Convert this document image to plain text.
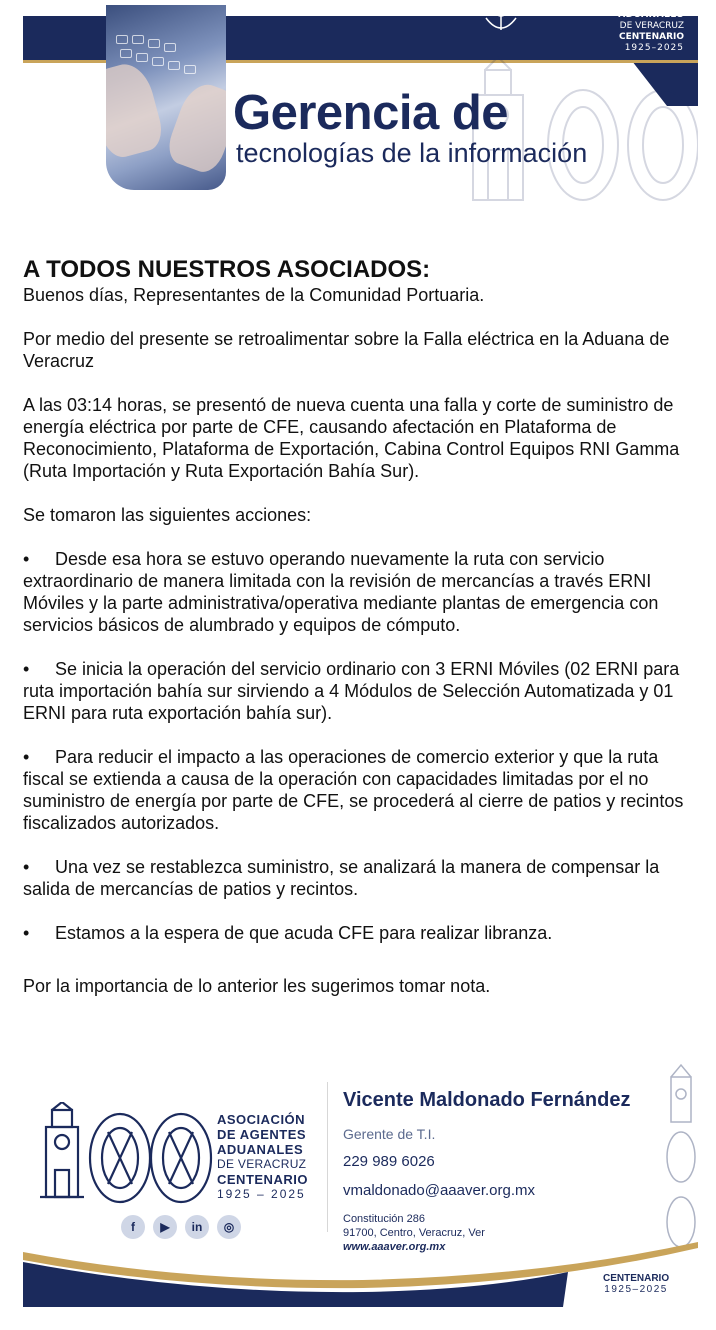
ADUANALES
DE VERACRUZ
CENTENARIO
1925–2025
Gerencia de
tecnologías de la información

A TODOS NUESTROS ASOCIADOS:

Buenos días, Representantes de la Comunidad Portuaria.

Por medio del presente se retroalimentar sobre la Falla eléctrica en la Aduana de Veracruz

A las 03:14 horas, se presentó de nueva cuenta una falla y corte de suministro de energía eléctrica por parte de CFE, causando afectación en Plataforma de Reconocimiento, Plataforma de Exportación, Cabina Control Equipos RNI Gamma (Ruta Importación y Ruta Exportación Bahía Sur).

Se tomaron las siguientes acciones:

• Desde esa hora se estuvo operando nuevamente la ruta con servicio extraordinario de manera limitada con la revisión de mercancías a través ERNI Móviles y la parte administrativa/operativa mediante plantas de emergencia con servicios básicos de alumbrado y equipos de cómputo.

• Se inicia la operación del servicio ordinario con 3 ERNI Móviles (02 ERNI para ruta importación bahía sur sirviendo a 4 Módulos de Selección Automatizada y 01 ERNI para ruta exportación bahía sur).

• Para reducir el impacto a las operaciones de comercio exterior y que la ruta fiscal se extienda a causa de la operación con capacidades limitadas por el no suministro de energía por parte de CFE, se procederá al cierre de patios y recintos fiscalizados autorizados.

• Una vez se restablezca suministro, se analizará la manera de compensar la salida de mercancías de patios y recintos.

• Estamos a la espera de que acuda CFE para realizar libranza.

Por la importancia de lo anterior les sugerimos tomar nota.

ASOCIACIÓN
DE AGENTES
ADUANALES
DE VERACRUZ
CENTENARIO
1925 – 2025
f	▶	in	◎
Vicente Maldonado Fernández
Gerente de T.I.
229 989 6026
vmaldonado@aaaver.org.mx
Constitución 286
91700, Centro, Veracruz, Ver
www.aaaver.org.mx
CENTENARIO
1925–2025
